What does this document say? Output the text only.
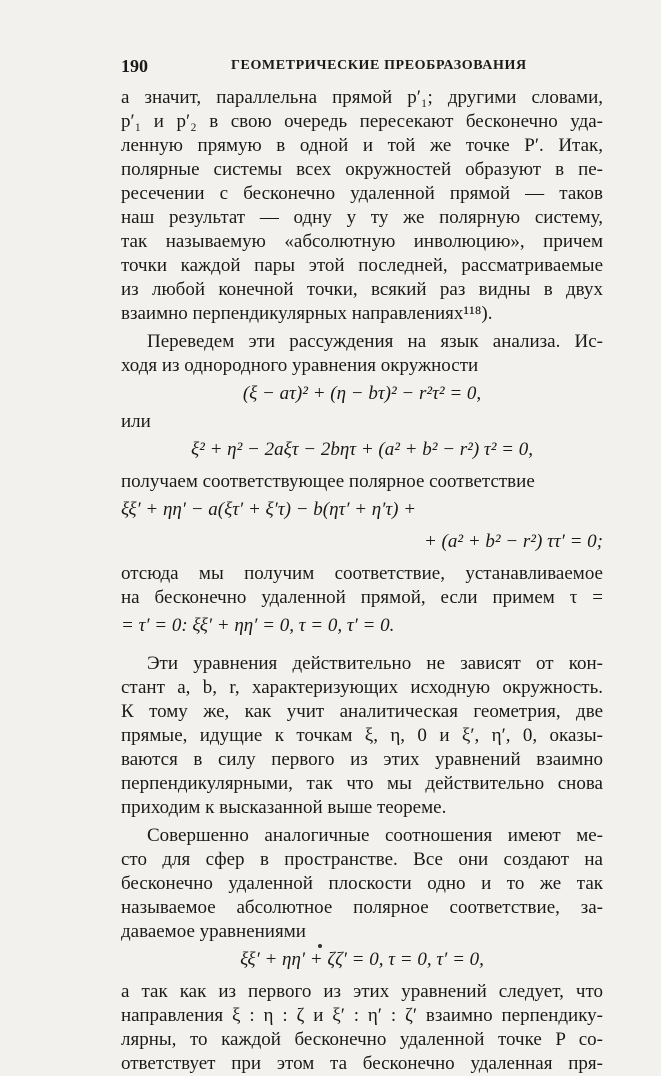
190	ГЕОМЕТРИЧЕСКИЕ ПРЕОБРАЗОВАНИЯ
а значит, параллельна прямой p′₁; другими словами,
p′₁ и p′₂ в свою очередь пересекают бесконечно уда-
ленную прямую в одной и той же точке P′. Итак,
полярные системы всех окружностей образуют в пе-
ресечении с бесконечно удаленной прямой — таков
наш результат — одну у ту же полярную систему,
так называемую «абсолютную инволюцию», причем
точки каждой пары этой последней, рассматриваемые
из любой конечной точки, всякий раз видны в двух
взаимно перпендикулярных направлениях¹¹⁸).
Переведем эти рассуждения на язык анализа. Ис-
ходя из однородного уравнения окружности
(ξ − aτ)² + (η − bτ)² − r²τ² = 0,
или
ξ² + η² − 2aξτ − 2bητ + (a² + b² − r²) τ² = 0,
получаем соответствующее полярное соответствие
ξξ′ + ηη′ − a(ξτ′ + ξ′τ) − b(ητ′ + η′τ) +
+ (a² + b² − r²) ττ′ = 0;
отсюда мы получим соответствие, устанавливаемое
на бесконечно удаленной прямой, если примем τ =
= τ′ = 0: ξξ′ + ηη′ = 0, τ = 0, τ′ = 0.
Эти уравнения действительно не зависят от кон-
стант a, b, r, характеризующих исходную окружность.
К тому же, как учит аналитическая геометрия, две
прямые, идущие к точкам ξ, η, 0 и ξ′, η′, 0, оказы-
ваются в силу первого из этих уравнений взаимно
перпендикулярными, так что мы действительно снова
приходим к высказанной выше теореме.
Совершенно аналогичные соотношения имеют ме-
сто для сфер в пространстве. Все они создают на
бесконечно удаленной плоскости одно и то же так
называемое абсолютное полярное соответствие, за-
даваемое уравнениями
ξξ′ + ηη′ + ζζ′ = 0, τ = 0, τ′ = 0,
а так как из первого из этих уравнений следует, что
направления ξ : η : ζ и ξ′ : η′ : ζ′ взаимно перпендику-
лярны, то каждой бесконечно удаленной точке P со-
ответствует при этом та бесконечно удаленная пря-
